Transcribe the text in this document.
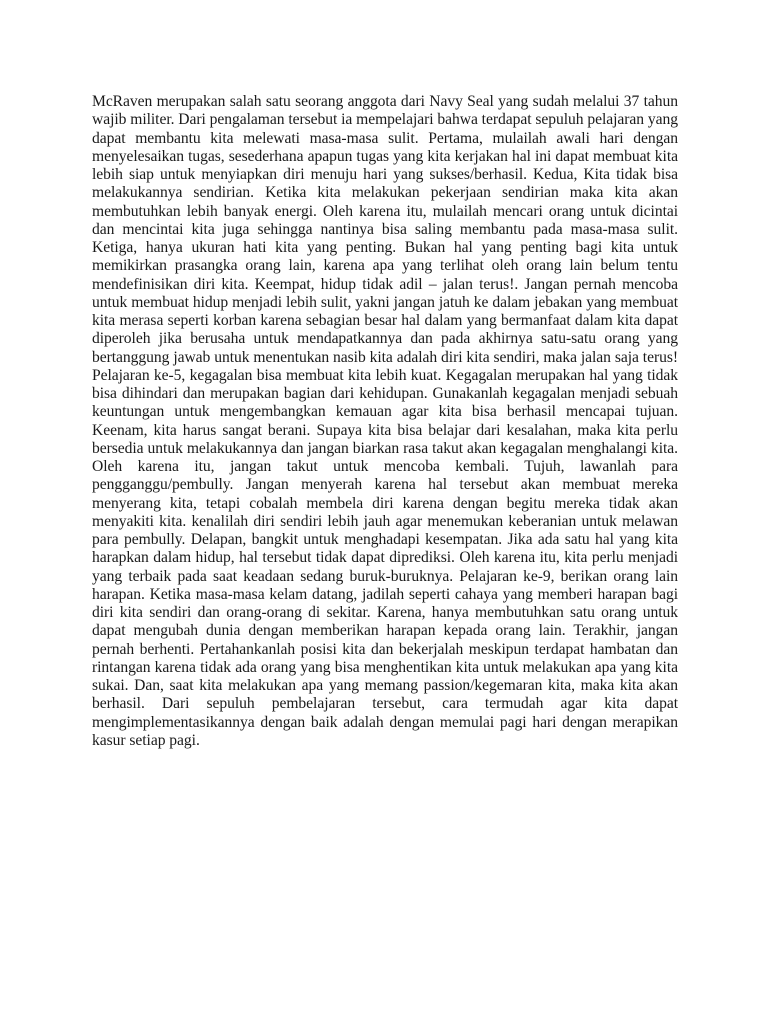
McRaven merupakan salah satu seorang anggota dari Navy Seal yang sudah melalui 37 tahun wajib militer. Dari pengalaman tersebut ia mempelajari bahwa terdapat sepuluh pelajaran yang dapat membantu kita melewati masa-masa sulit. Pertama, mulailah awali hari dengan menyelesaikan tugas, sesederhana apapun tugas yang kita kerjakan hal ini dapat membuat kita lebih siap untuk menyiapkan diri menuju hari yang sukses/berhasil. Kedua, Kita tidak bisa melakukannya sendirian. Ketika kita melakukan pekerjaan sendirian maka kita akan membutuhkan lebih banyak energi. Oleh karena itu, mulailah mencari orang untuk dicintai dan mencintai kita juga sehingga nantinya bisa saling membantu pada masa-masa sulit. Ketiga, hanya ukuran hati kita yang penting. Bukan hal yang penting bagi kita untuk memikirkan prasangka orang lain, karena apa yang terlihat oleh orang lain belum tentu mendefinisikan diri kita. Keempat, hidup tidak adil – jalan terus!. Jangan pernah mencoba untuk membuat hidup menjadi lebih sulit, yakni jangan jatuh ke dalam jebakan yang membuat kita merasa seperti korban karena sebagian besar hal dalam yang bermanfaat dalam kita dapat diperoleh jika berusaha untuk mendapatkannya dan pada akhirnya satu-satu orang yang bertanggung jawab untuk menentukan nasib kita adalah diri kita sendiri, maka jalan saja terus! Pelajaran ke-5, kegagalan bisa membuat kita lebih kuat. Kegagalan merupakan hal yang tidak bisa dihindari dan merupakan bagian dari kehidupan. Gunakanlah kegagalan menjadi sebuah keuntungan untuk mengembangkan kemauan agar kita bisa berhasil mencapai tujuan. Keenam, kita harus sangat berani. Supaya kita bisa belajar dari kesalahan, maka kita perlu bersedia untuk melakukannya dan jangan biarkan rasa takut akan kegagalan menghalangi kita. Oleh karena itu, jangan takut untuk mencoba kembali. Tujuh, lawanlah para pengganggu/pembully. Jangan menyerah karena hal tersebut akan membuat mereka menyerang kita, tetapi cobalah membela diri karena dengan begitu mereka tidak akan menyakiti kita. kenalilah diri sendiri lebih jauh agar menemukan keberanian untuk melawan para pembully. Delapan, bangkit untuk menghadapi kesempatan. Jika ada satu hal yang kita harapkan dalam hidup, hal tersebut tidak dapat diprediksi. Oleh karena itu, kita perlu menjadi yang terbaik pada saat keadaan sedang buruk-buruknya. Pelajaran ke-9, berikan orang lain harapan. Ketika masa-masa kelam datang, jadilah seperti cahaya yang memberi harapan bagi diri kita sendiri dan orang-orang di sekitar. Karena, hanya membutuhkan satu orang untuk dapat mengubah dunia dengan memberikan harapan kepada orang lain. Terakhir, jangan pernah berhenti. Pertahankanlah posisi kita dan bekerjalah meskipun terdapat hambatan dan rintangan karena tidak ada orang yang bisa menghentikan kita untuk melakukan apa yang kita sukai. Dan, saat kita melakukan apa yang memang passion/kegemaran kita, maka kita akan berhasil. Dari sepuluh pembelajaran tersebut, cara termudah agar kita dapat mengimplementasikannya dengan baik adalah dengan memulai pagi hari dengan merapikan kasur setiap pagi.
